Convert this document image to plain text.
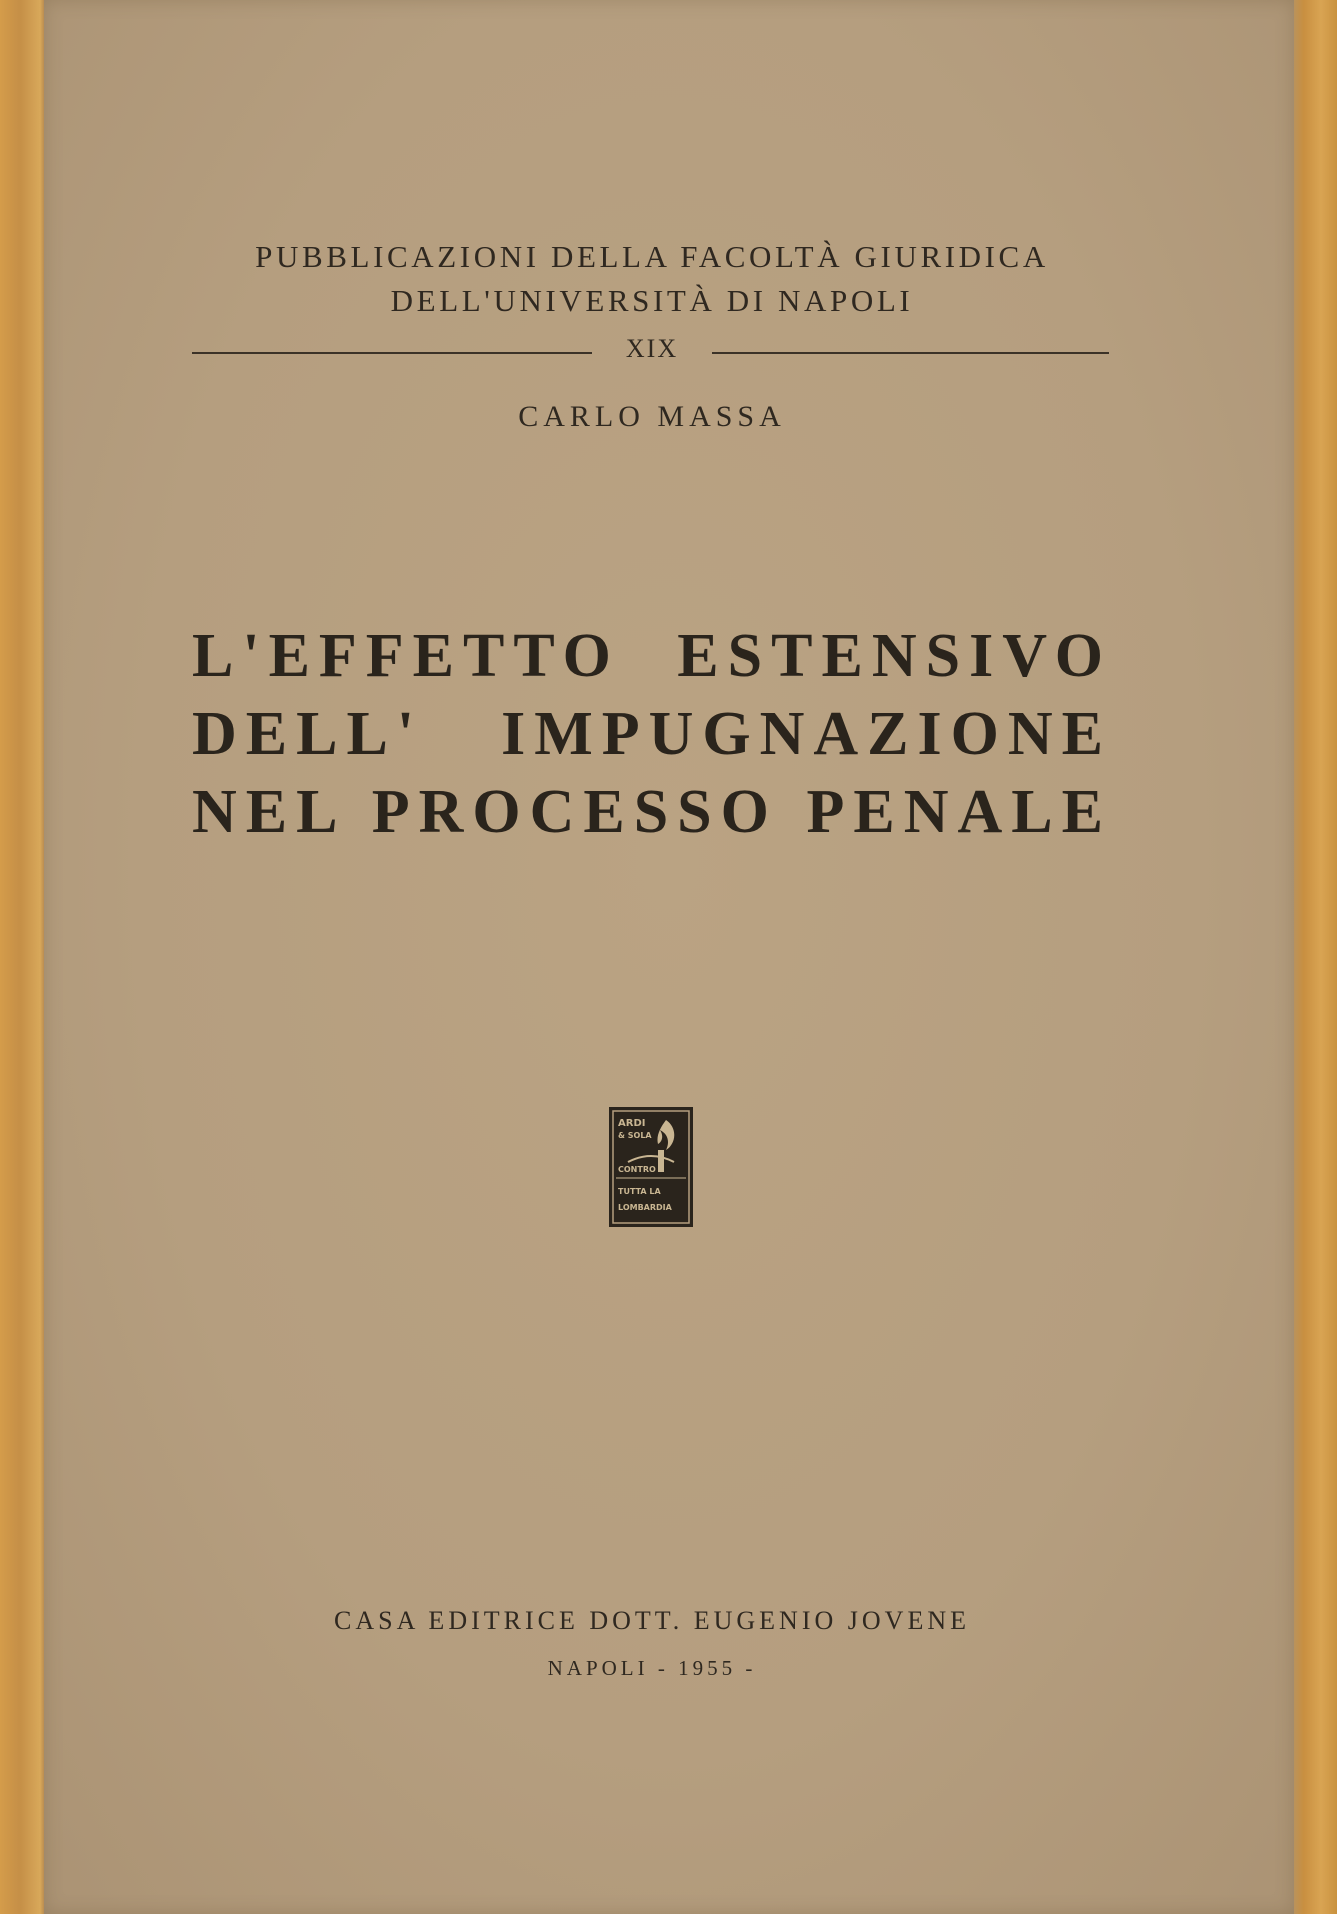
PUBBLICAZIONI DELLA FACOLTÀ GIURIDICA
DELL'UNIVERSITÀ DI NAPOLI
XIX
CARLO MASSA
L'EFFETTO ESTENSIVO
DELL' IMPUGNAZIONE
NEL PROCESSO PENALE
ARDI
& SOLA
CONTRO
TUTTA LA
LOMBARDIA
CASA EDITRICE DOTT. EUGENIO JOVENE
NAPOLI - 1955 -
